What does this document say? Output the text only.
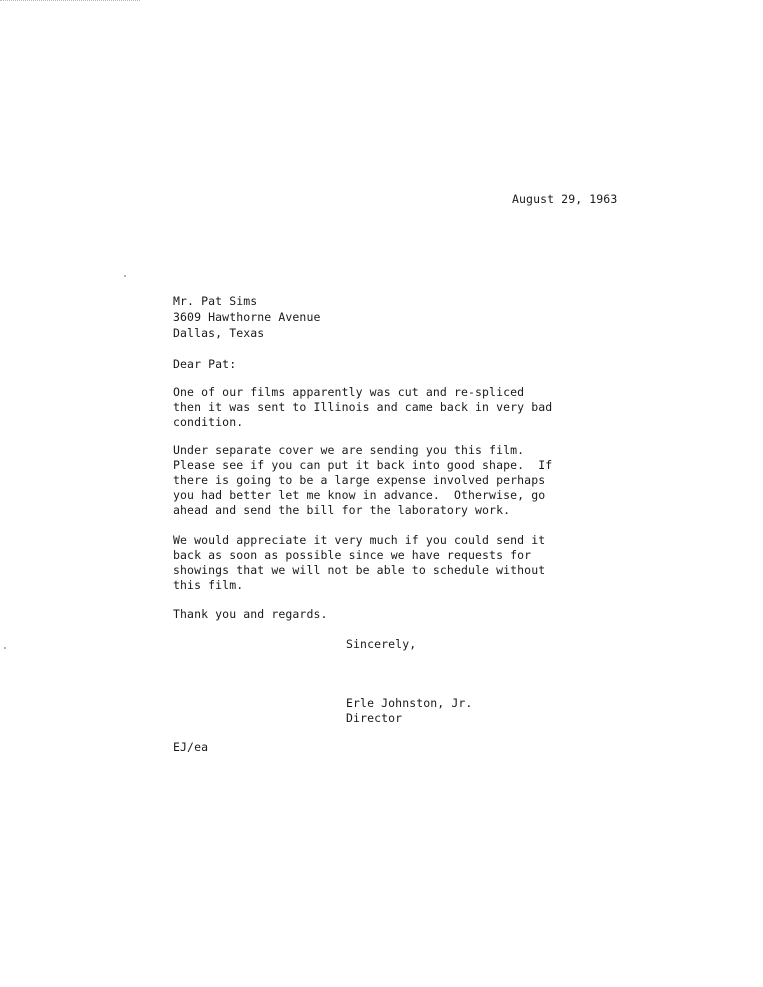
August 29, 1963
Mr. Pat Sims
3609 Hawthorne Avenue
Dallas, Texas
Dear Pat:
One of our films apparently was cut and re-spliced
then it was sent to Illinois and came back in very bad
condition.
Under separate cover we are sending you this film.
Please see if you can put it back into good shape.  If
there is going to be a large expense involved perhaps
you had better let me know in advance.  Otherwise, go
ahead and send the bill for the laboratory work.
We would appreciate it very much if you could send it
back as soon as possible since we have requests for
showings that we will not be able to schedule without
this film.
Thank you and regards.
Sincerely,
Erle Johnston, Jr.
Director
EJ/ea
